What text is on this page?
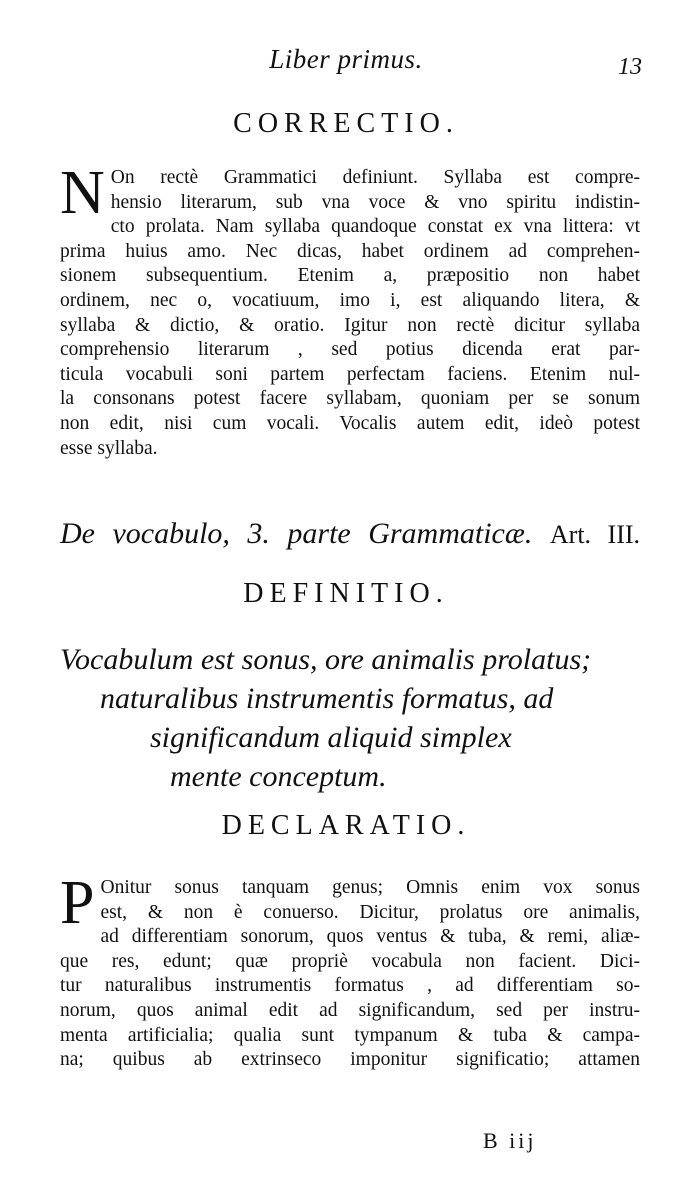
Liber primus.	13
CORRECTIO.
N On rectè Grammatici definiunt. Syllaba est compre-
hensio literarum, sub vna voce & vno spiritu indistin-
cto prolata. Nam syllaba quandoque constat ex vna littera: vt
prima huius amo. Nec dicas, habet ordinem ad comprehen-
sionem subsequentium. Etenim a, præpositio non habet
ordinem, nec o, vocatiuum, imo i, est aliquando litera, &
syllaba & dictio, & oratio. Igitur non rectè dicitur syllaba
comprehensio literarum , sed potius dicenda erat par-
ticula vocabuli soni partem perfectam faciens. Etenim nul-
la consonans potest facere syllabam, quoniam per se sonum
non edit, nisi cum vocali. Vocalis autem edit, ideò potest
esse syllaba.
De vocabulo, 3. parte Grammaticæ. Art. III.
DEFINITIO.
Vocabulum est sonus, ore animalis prolatus;
naturalibus instrumentis formatus, ad
significandum aliquid simplex
mente conceptum.
DECLARATIO.
P Onitur sonus tanquam genus; Omnis enim vox sonus
est, & non è conuerso. Dicitur, prolatus ore animalis,
ad differentiam sonorum, quos ventus & tuba, & remi, aliæ-
que res, edunt; quæ propriè vocabula non facient. Dici-
tur naturalibus instrumentis formatus , ad differentiam so-
norum, quos animal edit ad significandum, sed per instru-
menta artificialia; qualia sunt tympanum & tuba & campa-
na; quibus ab extrinseco imponitur significatio; attamen
B iij
